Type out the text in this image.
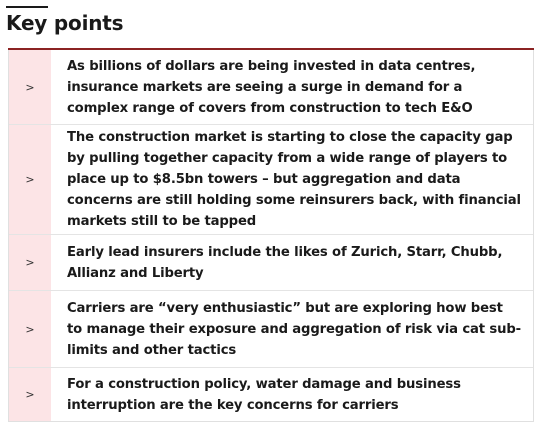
Key points
>
As billions of dollars are being invested in data centres, insurance markets are seeing a surge in demand for a complex range of covers from construction to tech E&O
>
The construction market is starting to close the capacity gap by pulling together capacity from a wide range of players to place up to $8.5bn towers – but aggregation and data concerns are still holding some reinsurers back, with financial markets still to be tapped
>
Early lead insurers include the likes of Zurich, Starr, Chubb, Allianz and Liberty
>
Carriers are “very enthusiastic” but are exploring how best to manage their exposure and aggregation of risk via cat sub-limits and other tactics
>
For a construction policy, water damage and business interruption are the key concerns for carriers
